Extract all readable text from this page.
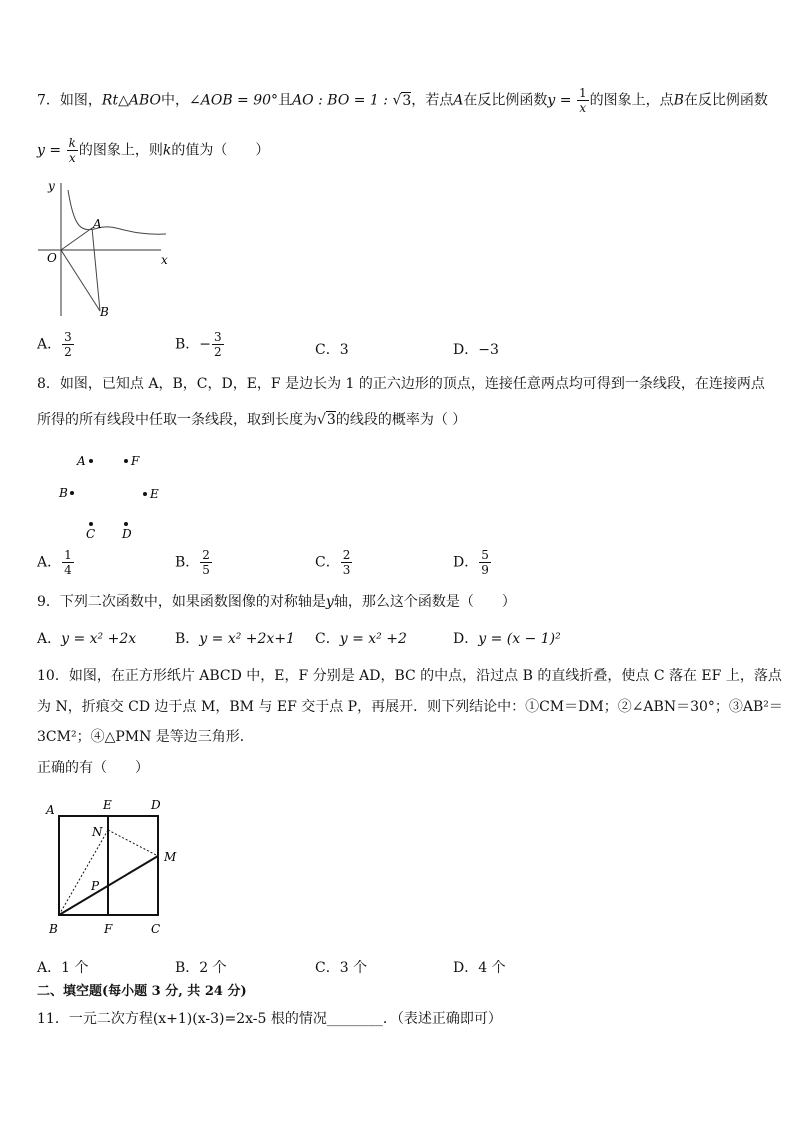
7．如图，Rt△ABO中，∠AOB = 90°且AO : BO = 1 : √3，若点A在反比例函数$y = \frac{1}{x}$ 的图象上，点B在反比例函数
$y = \frac{k}{x}$ 的图象上，则k的值为（　　）
y
x
O
A
B
A． $\frac{3}{2}$	B．− $\frac{3}{2}$	C．3	D．−3
8．如图，已知点 A，B，C，D，E，F 是边长为 1 的正六边形的顶点，连接任意两点均可得到一条线段，在连接两点
所得的所有线段中任取一条线段，取到长度为√3的线段的概率为（ ）
A	F
B	E
C D
A． $\frac{1}{4}$	B． $\frac{2}{5}$	C． $\frac{2}{3}$	D． $\frac{5}{9}$
9．下列二次函数中，如果函数图像的对称轴是y轴，那么这个函数是（　　）
A．y = x² +2x	B．y = x² +2x+1 C．y = x² +2	D．y = (x − 1)²
10．如图，在正方形纸片 ABCD 中，E，F 分别是 AD，BC 的中点，沿过点 B 的直线折叠，使点 C 落在 EF 上，落点
为 N，折痕交 CD 边于点 M，BM 与 EF 交于点 P，再展开．则下列结论中：①CM＝DM；②∠ABN＝30°；③AB²＝
3CM²；④△PMN 是等边三角形．
正确的有（　　）
A	E	D
N
M
P
B	F	C
A．1 个	B．2 个	C．3 个	D．4 个
二、填空题(每小题 3 分, 共 24 分)
11．一元二次方程(x+1)(x-3)=2x-5 根的情况________．（表述正确即可）
